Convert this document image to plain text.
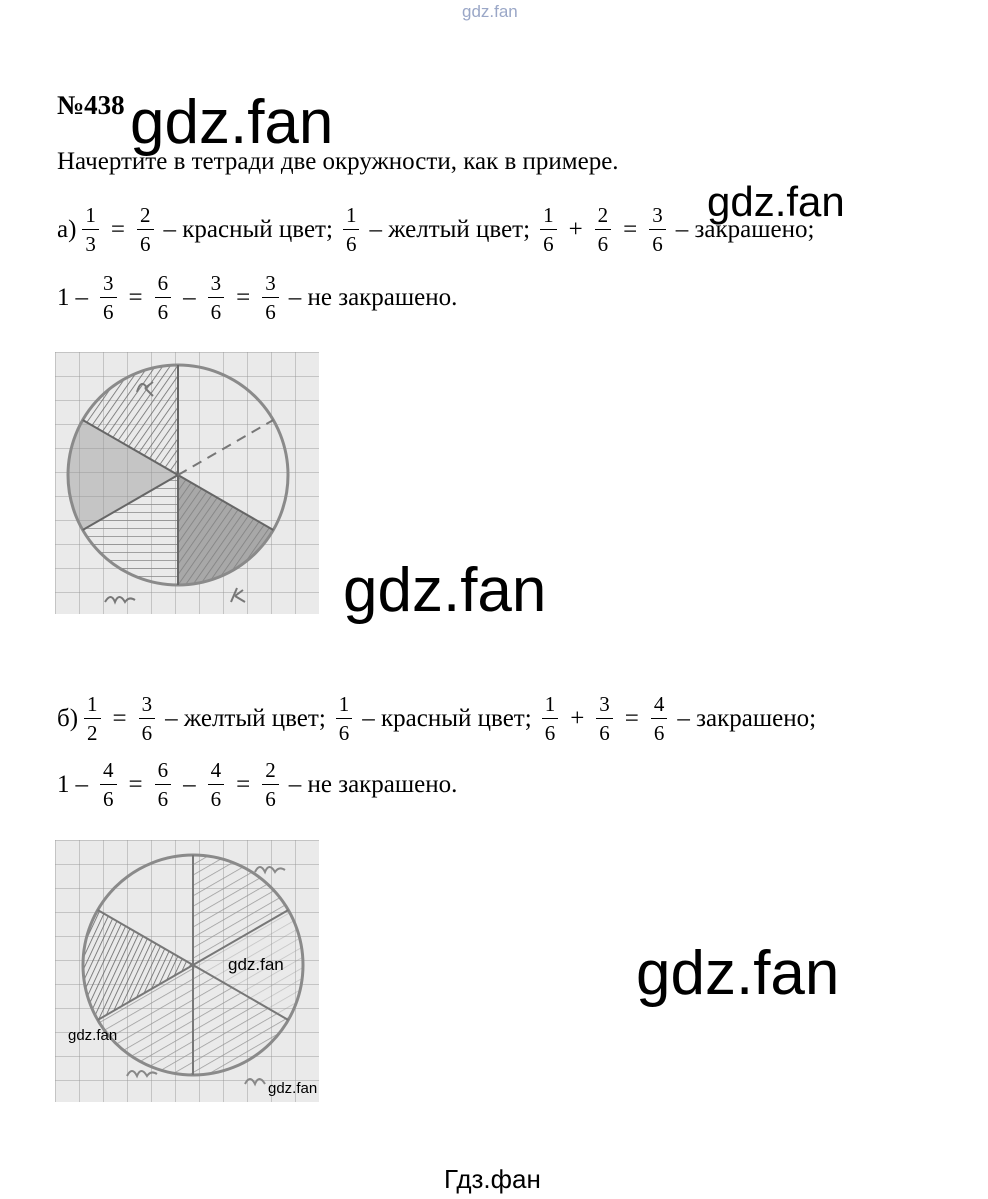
gdz.fan
gdz.fan
gdz.fan
№438
Начертите в тетради две окружности, как в примере.
$а) \frac{1}{3} = \frac{2}{6}$ – красный цвет; $\frac{1}{6}$ – желтый цвет; $\frac{1}{6} + \frac{2}{6} = \frac{3}{6}$ – закрашено;
$1 - \frac{3}{6} = \frac{6}{6} - \frac{3}{6} = \frac{3}{6}$ – не закрашено.
gdz.fan
$б) \frac{1}{2} = \frac{3}{6}$ – желтый цвет; $\frac{1}{6}$ – красный цвет; $\frac{1}{6} + \frac{3}{6} = \frac{4}{6}$ – закрашено;
$1 - \frac{4}{6} = \frac{6}{6} - \frac{4}{6} = \frac{2}{6}$ – не закрашено.
gdz.fan
gdz.fan
gdz.fan
gdz.fan
Гдз.фан
